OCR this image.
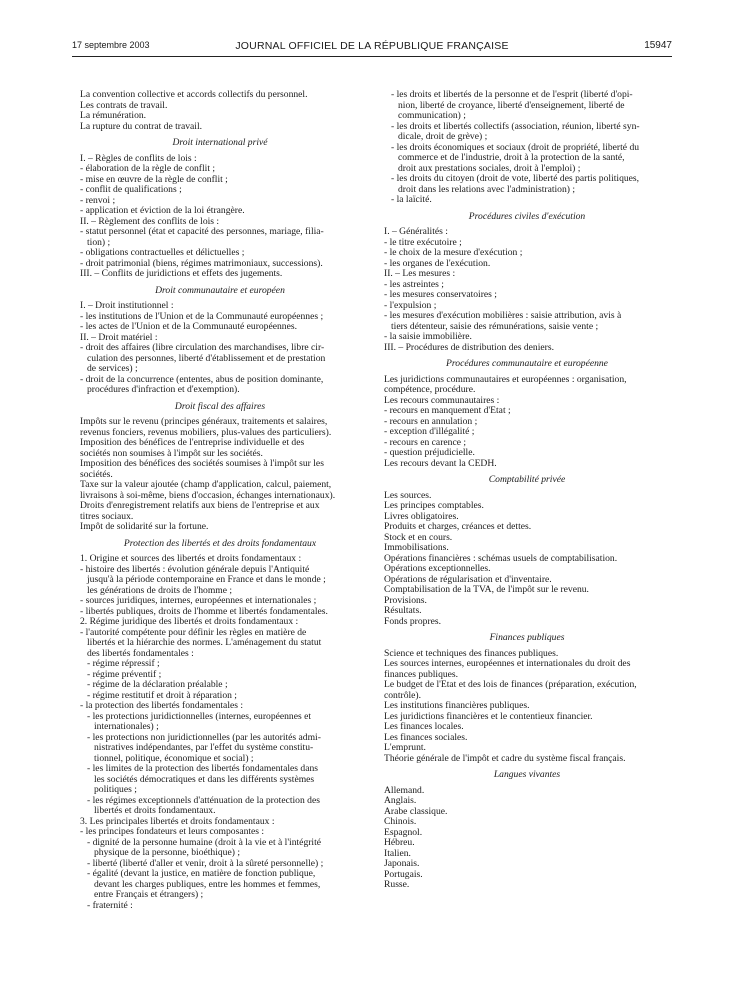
17 septembre 2003	JOURNAL OFFICIEL DE LA RÉPUBLIQUE FRANÇAISE	15947
La convention collective et accords collectifs du personnel.
Les contrats de travail.
La rémunération.
La rupture du contrat de travail.
Droit international privé
I. – Règles de conflits de lois :
- élaboration de la règle de conflit ;
- mise en œuvre de la règle de conflit ;
- conflit de qualifications ;
- renvoi ;
- application et éviction de la loi étrangère.
II. – Règlement des conflits de lois :
- statut personnel (état et capacité des personnes, mariage, filia-
tion) ;
- obligations contractuelles et délictuelles ;
- droit patrimonial (biens, régimes matrimoniaux, successions).
III. – Conflits de juridictions et effets des jugements.
Droit communautaire et européen
I. – Droit institutionnel :
- les institutions de l'Union et de la Communauté européennes ;
- les actes de l'Union et de la Communauté européennes.
II. – Droit matériel :
- droit des affaires (libre circulation des marchandises, libre cir-
culation des personnes, liberté d'établissement et de prestation
de services) ;
- droit de la concurrence (ententes, abus de position dominante,
procédures d'infraction et d'exemption).
Droit fiscal des affaires
Impôts sur le revenu (principes généraux, traitements et salaires,
revenus fonciers, revenus mobiliers, plus-values des particuliers).
Imposition des bénéfices de l'entreprise individuelle et des
sociétés non soumises à l'impôt sur les sociétés.
Imposition des bénéfices des sociétés soumises à l'impôt sur les
sociétés.
Taxe sur la valeur ajoutée (champ d'application, calcul, paiement,
livraisons à soi-même, biens d'occasion, échanges internationaux).
Droits d'enregistrement relatifs aux biens de l'entreprise et aux
titres sociaux.
Impôt de solidarité sur la fortune.
Protection des libertés et des droits fondamentaux
1. Origine et sources des libertés et droits fondamentaux :
- histoire des libertés : évolution générale depuis l'Antiquité
jusqu'à la période contemporaine en France et dans le monde ;
les générations de droits de l'homme ;
- sources juridiques, internes, européennes et internationales ;
- libertés publiques, droits de l'homme et libertés fondamentales.
2. Régime juridique des libertés et droits fondamentaux :
- l'autorité compétente pour définir les règles en matière de
libertés et la hiérarchie des normes. L'aménagement du statut
des libertés fondamentales :
- régime répressif ;
- régime préventif ;
- régime de la déclaration préalable ;
- régime restitutif et droit à réparation ;
- la protection des libertés fondamentales :
- les protections juridictionnelles (internes, européennes et
internationales) ;
- les protections non juridictionnelles (par les autorités admi-
nistratives indépendantes, par l'effet du système constitu-
tionnel, politique, économique et social) ;
- les limites de la protection des libertés fondamentales dans
les sociétés démocratiques et dans les différents systèmes
politiques ;
- les régimes exceptionnels d'atténuation de la protection des
libertés et droits fondamentaux.
3. Les principales libertés et droits fondamentaux :
- les principes fondateurs et leurs composantes :
- dignité de la personne humaine (droit à la vie et à l'intégrité
physique de la personne, bioéthique) ;
- liberté (liberté d'aller et venir, droit à la sûreté personnelle) ;
- égalité (devant la justice, en matière de fonction publique,
devant les charges publiques, entre les hommes et femmes,
entre Français et étrangers) ;
- fraternité :
- les droits et libertés de la personne et de l'esprit (liberté d'opi-
nion, liberté de croyance, liberté d'enseignement, liberté de
communication) ;
- les droits et libertés collectifs (association, réunion, liberté syn-
dicale, droit de grève) ;
- les droits économiques et sociaux (droit de propriété, liberté du
commerce et de l'industrie, droit à la protection de la santé,
droit aux prestations sociales, droit à l'emploi) ;
- les droits du citoyen (droit de vote, liberté des partis politiques,
droit dans les relations avec l'administration) ;
- la laïcité.
Procédures civiles d'exécution
I. – Généralités :
- le titre exécutoire ;
- le choix de la mesure d'exécution ;
- les organes de l'exécution.
II. – Les mesures :
- les astreintes ;
- les mesures conservatoires ;
- l'expulsion ;
- les mesures d'exécution mobilières : saisie attribution, avis à
tiers détenteur, saisie des rémunérations, saisie vente ;
- la saisie immobilière.
III. – Procédures de distribution des deniers.
Procédures communautaire et européenne
Les juridictions communautaires et européennes : organisation,
compétence, procédure.
Les recours communautaires :
- recours en manquement d'État ;
- recours en annulation ;
- exception d'illégalité ;
- recours en carence ;
- question préjudicielle.
Les recours devant la CEDH.
Comptabilité privée
Les sources.
Les principes comptables.
Livres obligatoires.
Produits et charges, créances et dettes.
Stock et en cours.
Immobilisations.
Opérations financières : schémas usuels de comptabilisation.
Opérations exceptionnelles.
Opérations de régularisation et d'inventaire.
Comptabilisation de la TVA, de l'impôt sur le revenu.
Provisions.
Résultats.
Fonds propres.
Finances publiques
Science et techniques des finances publiques.
Les sources internes, européennes et internationales du droit des
finances publiques.
Le budget de l'État et des lois de finances (préparation, exécution,
contrôle).
Les institutions financières publiques.
Les juridictions financières et le contentieux financier.
Les finances locales.
Les finances sociales.
L'emprunt.
Théorie générale de l'impôt et cadre du système fiscal français.
Langues vivantes
Allemand.
Anglais.
Arabe classique.
Chinois.
Espagnol.
Hébreu.
Italien.
Japonais.
Portugais.
Russe.
